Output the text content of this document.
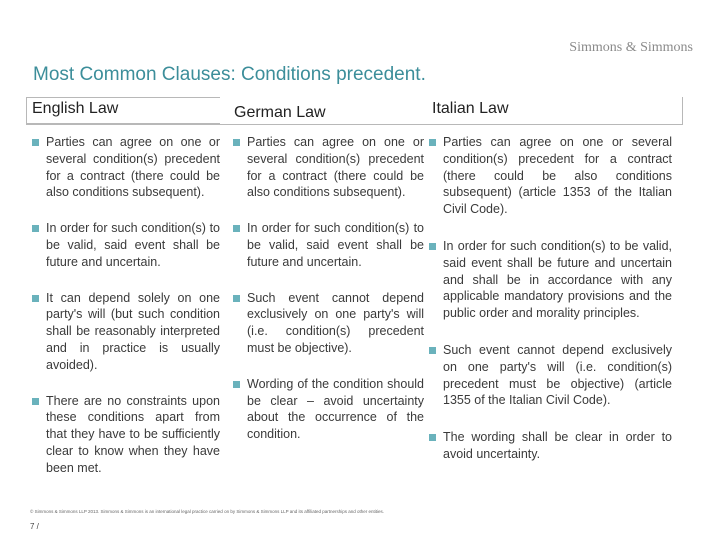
Simmons & Simmons
Most Common Clauses: Conditions precedent.
English Law	German Law	Italian Law
Parties can agree on one or several condition(s) precedent for a contract (there could be also conditions subsequent).
In order for such condition(s) to be valid, said event shall be future and uncertain.
It can depend solely on one party's will (but such condition shall be reasonably interpreted and in practice is usually avoided).
There are no constraints upon these conditions apart from that they have to be sufficiently clear to know when they have been met.
Parties can agree on one or several condition(s) precedent for a contract (there could be also conditions subsequent).
In order for such condition(s) to be valid, said event shall be future and uncertain.
Such event cannot depend exclusively on one party's will (i.e. condition(s) precedent must be objective).
Wording of the condition should be clear – avoid uncertainty about the occurrence of the condition.
Parties can agree on one or several condition(s) precedent for a contract (there could be also conditions subsequent) (article 1353 of the Italian Civil Code).
In order for such condition(s) to be valid, said event shall be future and uncertain and shall be in accordance with any applicable mandatory provisions and the public order and morality principles.
Such event cannot depend exclusively on one party's will (i.e. condition(s) precedent must be objective) (article 1355 of the Italian Civil Code).
The wording shall be clear in order to avoid uncertainty.
© Simmons & Simmons LLP 2013. Simmons & Simmons is an international legal practice carried on by Simmons & Simmons LLP and its affiliated partnerships and other entities.
7 /
